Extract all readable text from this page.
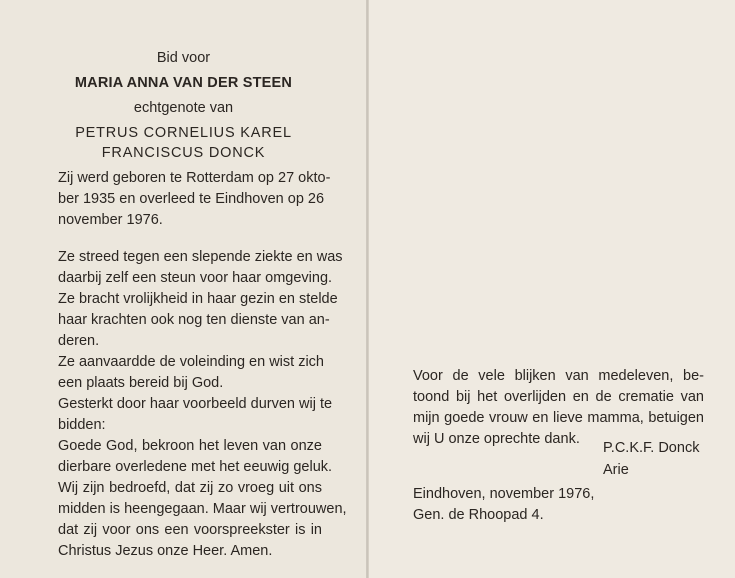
Bid voor
MARIA ANNA VAN DER STEEN
echtgenote van
PETRUS CORNELIUS KAREL
FRANCISCUS DONCK
Zij werd geboren te Rotterdam op 27 okto-
ber 1935 en overleed te Eindhoven op 26
november 1976.
Ze streed tegen een slepende ziekte en was
daarbij zelf een steun voor haar omgeving.
Ze bracht vrolijkheid in haar gezin en stelde
haar krachten ook nog ten dienste van an-
deren.
Ze aanvaardde de voleinding en wist zich
een plaats bereid bij God.
Gesterkt door haar voorbeeld durven wij te
bidden:
Goede God, bekroon het leven van onze
dierbare overledene met het eeuwig geluk.
Wij zijn bedroefd, dat zij zo vroeg uit ons
midden is heengegaan. Maar wij vertrouwen,
dat zij voor ons een voorspreekster is in
Christus Jezus onze Heer. Amen.
Voor de vele blijken van medeleven, be-
toond bij het overlijden en de crematie van
mijn goede vrouw en lieve mamma, betuigen
wij U onze oprechte dank.
P.C.K.F. Donck
Arie
Eindhoven, november 1976,
Gen. de Rhoopad 4.
